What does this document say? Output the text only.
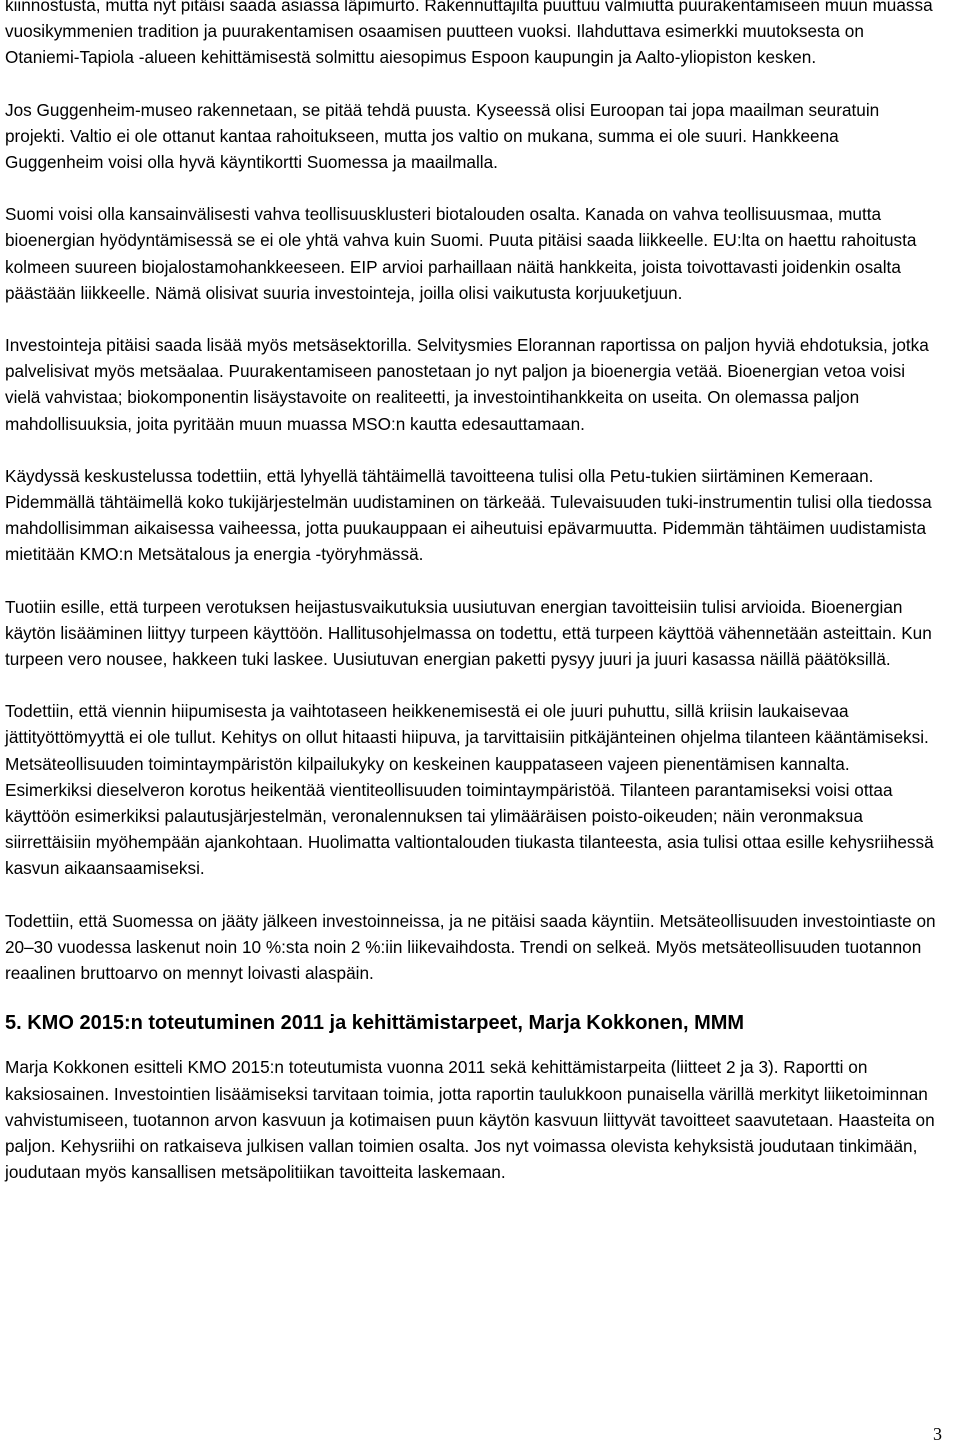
kiinnostusta, mutta nyt pitäisi saada asiassa läpimurto. Rakennuttajilta puuttuu valmiutta puurakentamiseen muun muassa vuosikymmenien tradition ja puurakentamisen osaamisen puutteen vuoksi. Ilahduttava esimerkki muutoksesta on Otaniemi-Tapiola -alueen kehittämisestä solmittu aiesopimus Espoon kaupungin ja Aalto-yliopiston kesken.

Jos Guggenheim-museo rakennetaan, se pitää tehdä puusta. Kyseessä olisi Euroopan tai jopa maailman seuratuin projekti. Valtio ei ole ottanut kantaa rahoitukseen, mutta jos valtio on mukana, summa ei ole suuri. Hankkeena Guggenheim voisi olla hyvä käyntikortti Suomessa ja maailmalla.

Suomi voisi olla kansainvälisesti vahva teollisuusklusteri biotalouden osalta. Kanada on vahva teollisuusmaa, mutta bioenergian hyödyntämisessä se ei ole yhtä vahva kuin Suomi. Puuta pitäisi saada liikkeelle. EU:lta on haettu rahoitusta kolmeen suureen biojalostamohankkeeseen. EIP arvioi parhaillaan näitä hankkeita, joista toivottavasti joidenkin osalta päästään liikkeelle. Nämä olisivat suuria investointeja, joilla olisi vaikutusta korjuuketjuun.

Investointeja pitäisi saada lisää myös metsäsektorilla. Selvitysmies Elorannan raportissa on paljon hyviä ehdotuksia, jotka palvelisivat myös metsäalaa. Puurakentamiseen panostetaan jo nyt paljon ja bioenergia vetää. Bioenergian vetoa voisi vielä vahvistaa; biokomponentin lisäystavoite on realiteetti, ja investointihankkeita on useita. On olemassa paljon mahdollisuuksia, joita pyritään muun muassa MSO:n kautta edesauttamaan.

Käydyssä keskustelussa todettiin, että lyhyellä tähtäimellä tavoitteena tulisi olla Petu-tukien siirtäminen Kemeraan. Pidemmällä tähtäimellä koko tukijärjestelmän uudistaminen on tärkeää. Tulevaisuuden tuki-instrumentin tulisi olla tiedossa mahdollisimman aikaisessa vaiheessa, jotta puukauppaan ei aiheutuisi epävarmuutta. Pidemmän tähtäimen uudistamista mietitään KMO:n Metsätalous ja energia -työryhmässä.

Tuotiin esille, että turpeen verotuksen heijastusvaikutuksia uusiutuvan energian tavoitteisiin tulisi arvioida. Bioenergian käytön lisääminen liittyy turpeen käyttöön. Hallitusohjelmassa on todettu, että turpeen käyttöä vähennetään asteittain. Kun turpeen vero nousee, hakkeen tuki laskee. Uusiutuvan energian paketti pysyy juuri ja juuri kasassa näillä päätöksillä.

Todettiin, että viennin hiipumisesta ja vaihtotaseen heikkenemisestä ei ole juuri puhuttu, sillä kriisin laukaisevaa jättityöttömyyttä ei ole tullut. Kehitys on ollut hitaasti hiipuva, ja tarvittaisiin pitkäjänteinen ohjelma tilanteen kääntämiseksi. Metsäteollisuuden toimintaympäristön kilpailukyky on keskeinen kauppataseen vajeen pienentämisen kannalta. Esimerkiksi dieselveron korotus heikentää vientiteollisuuden toimintaympäristöä. Tilanteen parantamiseksi voisi ottaa käyttöön esimerkiksi palautusjärjestelmän, veronalennuksen tai ylimääräisen poisto-oikeuden; näin veronmaksua siirrettäisiin myöhempään ajankohtaan. Huolimatta valtiontalouden tiukasta tilanteesta, asia tulisi ottaa esille kehysriihessä kasvun aikaansaamiseksi.

Todettiin, että Suomessa on jääty jälkeen investoinneissa, ja ne pitäisi saada käyntiin. Metsäteollisuuden investointiaste on 20–30 vuodessa laskenut noin 10 %:sta noin 2 %:iin liikevaihdosta. Trendi on selkeä. Myös metsäteollisuuden tuotannon reaalinen bruttoarvo on mennyt loivasti alaspäin.

5. KMO 2015:n toteutuminen 2011 ja kehittämistarpeet, Marja Kokkonen, MMM

Marja Kokkonen esitteli KMO 2015:n toteutumista vuonna 2011 sekä kehittämistarpeita (liitteet 2 ja 3). Raportti on kaksiosainen. Investointien lisäämiseksi tarvitaan toimia, jotta raportin taulukkoon punaisella värillä merkityt liiketoiminnan vahvistumiseen, tuotannon arvon kasvuun ja kotimaisen puun käytön kasvuun liittyvät tavoitteet saavutetaan. Haasteita on paljon. Kehysriihi on ratkaiseva julkisen vallan toimien osalta. Jos nyt voimassa olevista kehyksistä joudutaan tinkimään, joudutaan myös kansallisen metsäpolitiikan tavoitteita laskemaan.

3
